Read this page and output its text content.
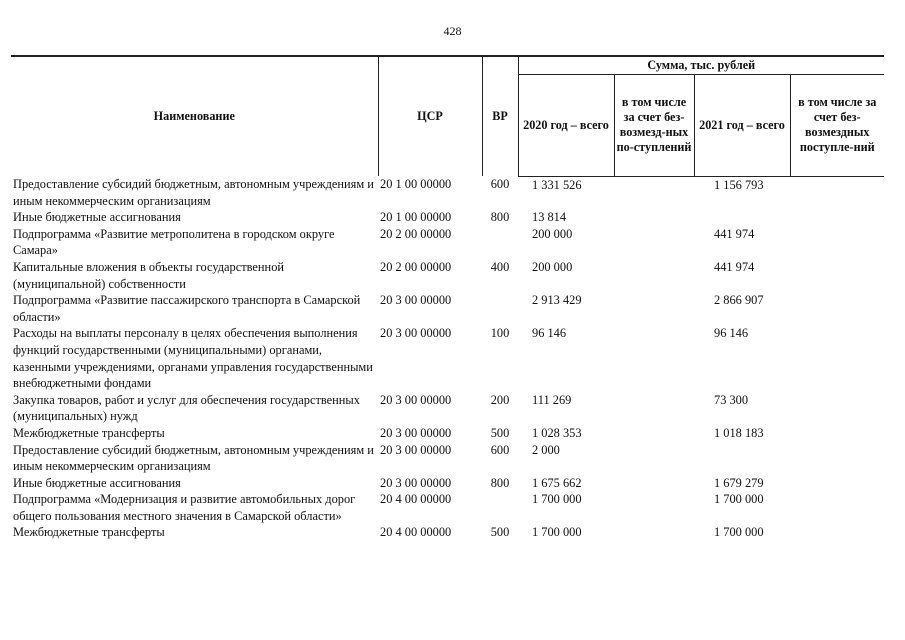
428
Наименование	ЦСР	ВР	Сумма, тыс. рублей			
			2020 год – всего	в том числе за счет без-возмезд-ных по-ступлений	2021 год – всего	в том числе за счет без-возмездных поступле-ний
Предоставление субсидий бюджетным, автономным учреждениям и иным некоммерческим организациям	20 1 00 00000	600	1 331 526		1 156 793	
Иные бюджетные ассигнования	20 1 00 00000	800	13 814			
Подпрограмма «Развитие метрополитена в городском округе Самара»	20 2 00 00000		200 000		441 974	
Капитальные вложения в объекты государственной (муниципальной) собственности	20 2 00 00000	400	200 000		441 974	
Подпрограмма «Развитие пассажирского транспорта в Самарской области»	20 3 00 00000		2 913 429		2 866 907	
Расходы на выплаты персоналу в целях обеспечения выполнения функций государственными (муниципальными) органами, казенными учреждениями, органами управления государственными внебюджетными фондами	20 3 00 00000	100	96 146		96 146	
Закупка товаров, работ и услуг для обеспечения государственных (муниципальных) нужд	20 3 00 00000	200	111 269		73 300	
Межбюджетные трансферты	20 3 00 00000	500	1 028 353		1 018 183	
Предоставление субсидий бюджетным, автономным учреждениям и иным некоммерческим организациям	20 3 00 00000	600	2 000			
Иные бюджетные ассигнования	20 3 00 00000	800	1 675 662		1 679 279	
Подпрограмма «Модернизация и развитие автомобильных дорог общего пользования местного значения в Самарской области»	20 4 00 00000		1 700 000		1 700 000	
Межбюджетные трансферты	20 4 00 00000	500	1 700 000		1 700 000	
